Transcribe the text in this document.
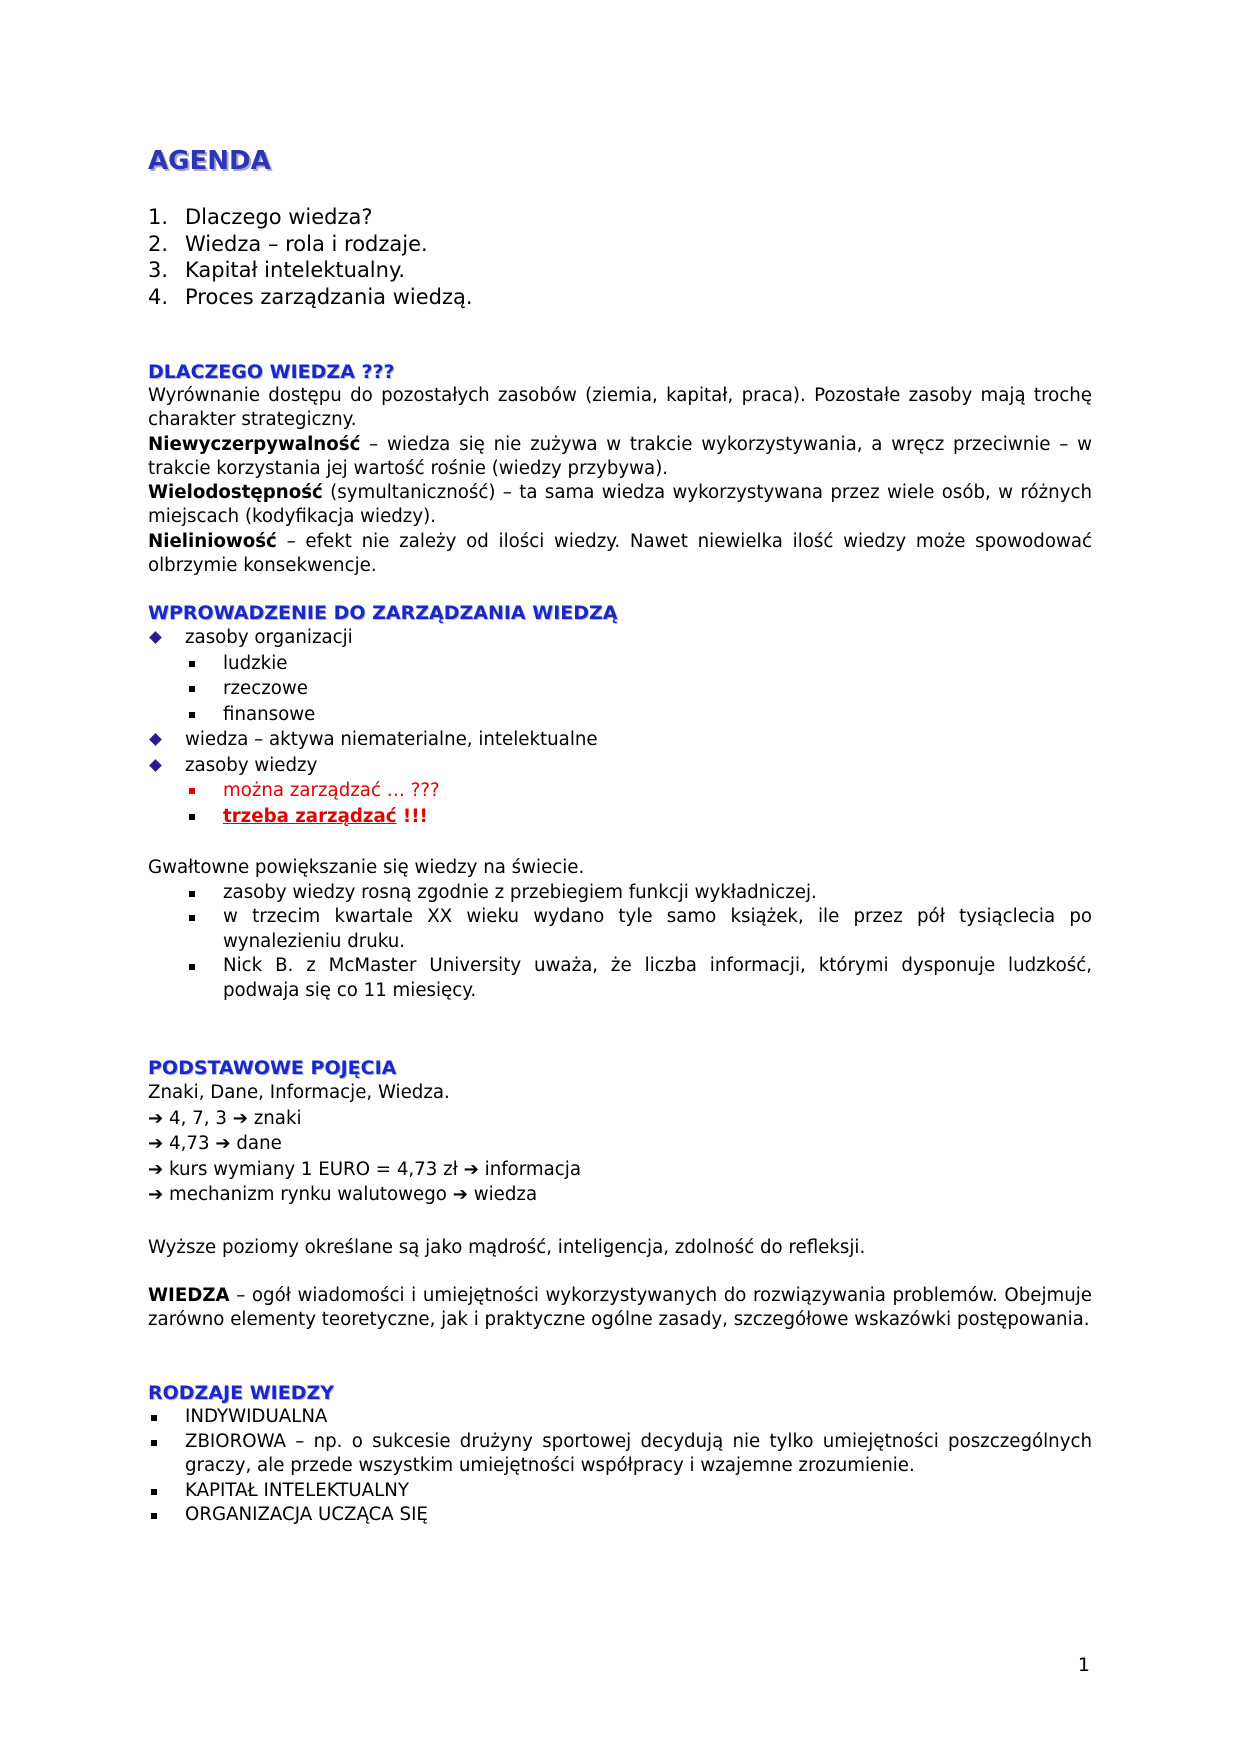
AGENDA
1. Dlaczego wiedza?
2. Wiedza – rola i rodzaje.
3. Kapitał intelektualny.
4. Proces zarządzania wiedzą.
DLACZEGO WIEDZA ???

Wyrównanie dostępu do pozostałych zasobów (ziemia, kapitał, praca). Pozostałe zasoby mają trochę charakter strategiczny.

Niewyczerpywalność – wiedza się nie zużywa w trakcie wykorzystywania, a wręcz przeciwnie – w trakcie korzystania jej wartość rośnie (wiedzy przybywa).

Wielodostępność (symultaniczność) – ta sama wiedza wykorzystywana przez wiele osób, w różnych miejscach (kodyfikacja wiedzy).

Nieliniowość – efekt nie zależy od ilości wiedzy. Nawet niewielka ilość wiedzy może spowodować olbrzymie konsekwencje.

WPROWADZENIE DO ZARZĄDZANIA WIEDZĄ
zasoby organizacji
ludzkie
rzeczowe
finansowe
wiedza – aktywa niematerialne, intelektualne
zasoby wiedzy
można zarządzać … ???
trzeba zarządzać !!!
Gwałtowne powiększanie się wiedzy na świecie.
zasoby wiedzy rosną zgodnie z przebiegiem funkcji wykładniczej.
w trzecim kwartale XX wieku wydano tyle samo książek, ile przez pół tysiąclecia po wynalezieniu druku.
Nick B. z McMaster University uważa, że liczba informacji, którymi dysponuje ludzkość, podwaja się co 11 miesięcy.
PODSTAWOWE POJĘCIA
Znaki, Dane, Informacje, Wiedza.
➔ 4, 7, 3 ➔ znaki
➔ 4,73 ➔ dane
➔ kurs wymiany 1 EURO = 4,73 zł ➔ informacja
➔ mechanizm rynku walutowego ➔ wiedza
Wyższe poziomy określane są jako mądrość, inteligencja, zdolność do refleksji.

WIEDZA – ogół wiadomości i umiejętności wykorzystywanych do rozwiązywania problemów. Obejmuje zarówno elementy teoretyczne, jak i praktyczne ogólne zasady, szczegółowe wskazówki postępowania.

RODZAJE WIEDZY
INDYWIDUALNA
ZBIOROWA – np. o sukcesie drużyny sportowej decydują nie tylko umiejętności poszczególnych graczy, ale przede wszystkim umiejętności współpracy i wzajemne zrozumienie.
KAPITAŁ INTELEKTUALNY
ORGANIZACJA UCZĄCA SIĘ
1
